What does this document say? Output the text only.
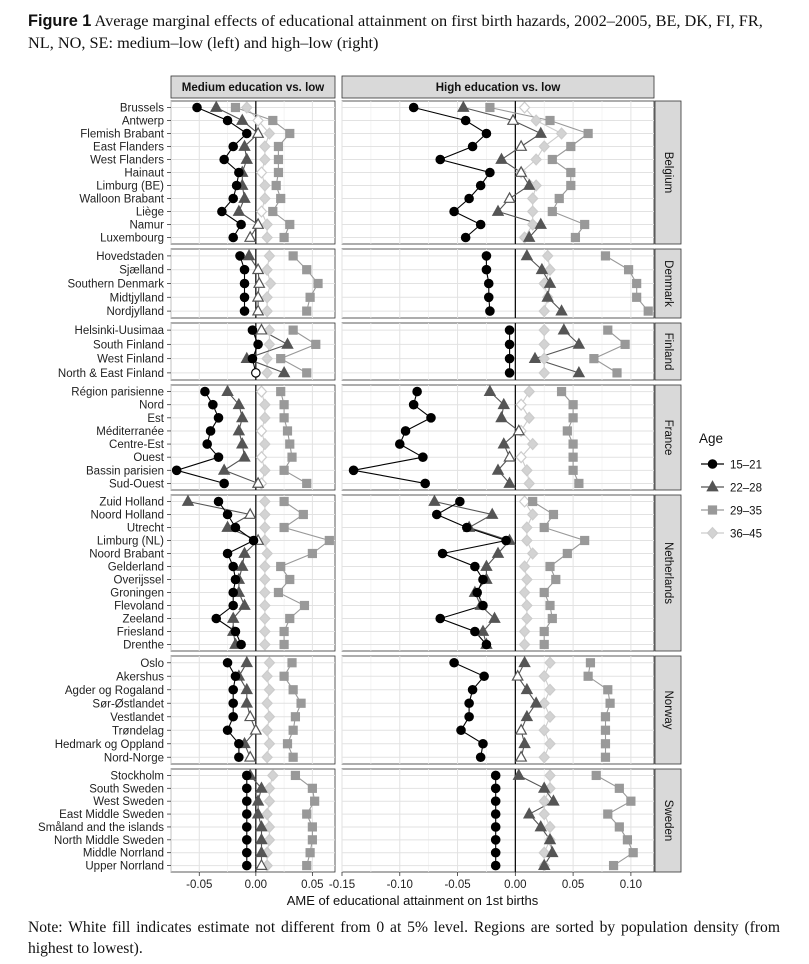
Figure 1 Average marginal effects of educational attainment on first birth hazards, 2002–2005, BE, DK, FI, FR, NL, NO, SE: medium–low (left) and high–low (right)
Medium education vs. low	High education vs. low
Belgium
Brussels
Antwerp
Flemish Brabant
East Flanders
West Flanders
Hainaut
Limburg (BE)
Walloon Brabant
Liège
Namur
Luxembourg
Denmark
Hovedstaden
Sjælland
Southern Denmark
Midtjylland
Nordjylland
Finland
Helsinki-Uusimaa
South Finland
West Finland
North & East Finland
France
Région parisienne
Nord
Est
Méditerranée
Centre-Est
Ouest
Bassin parisien
Sud-Ouest
Netherlands
Zuid Holland
Noord Holland
Utrecht
Limburg (NL)
Noord Brabant
Gelderland
Overijssel
Groningen
Flevoland
Zeeland
Friesland
Drenthe
Norway
Oslo
Akershus
Agder og Rogaland
Sør-Østlandet
Vestlandet
Trøndelag
Hedmark og Oppland
Nord-Norge
Sweden
Stockholm
South Sweden
West Sweden
East Middle Sweden
Småland and the islands
North Middle Sweden
Middle Norrland
Upper Norrland
-0.05	0.00	0.05 -0.15	-0.10	-0.05	0.00	0.05	0.10
AME of educational attainment on 1st births
Age
15–21
22–28
29–35
36–45
Note: White fill indicates estimate not different from 0 at 5% level. Regions are sorted by population density (from highest to lowest).
